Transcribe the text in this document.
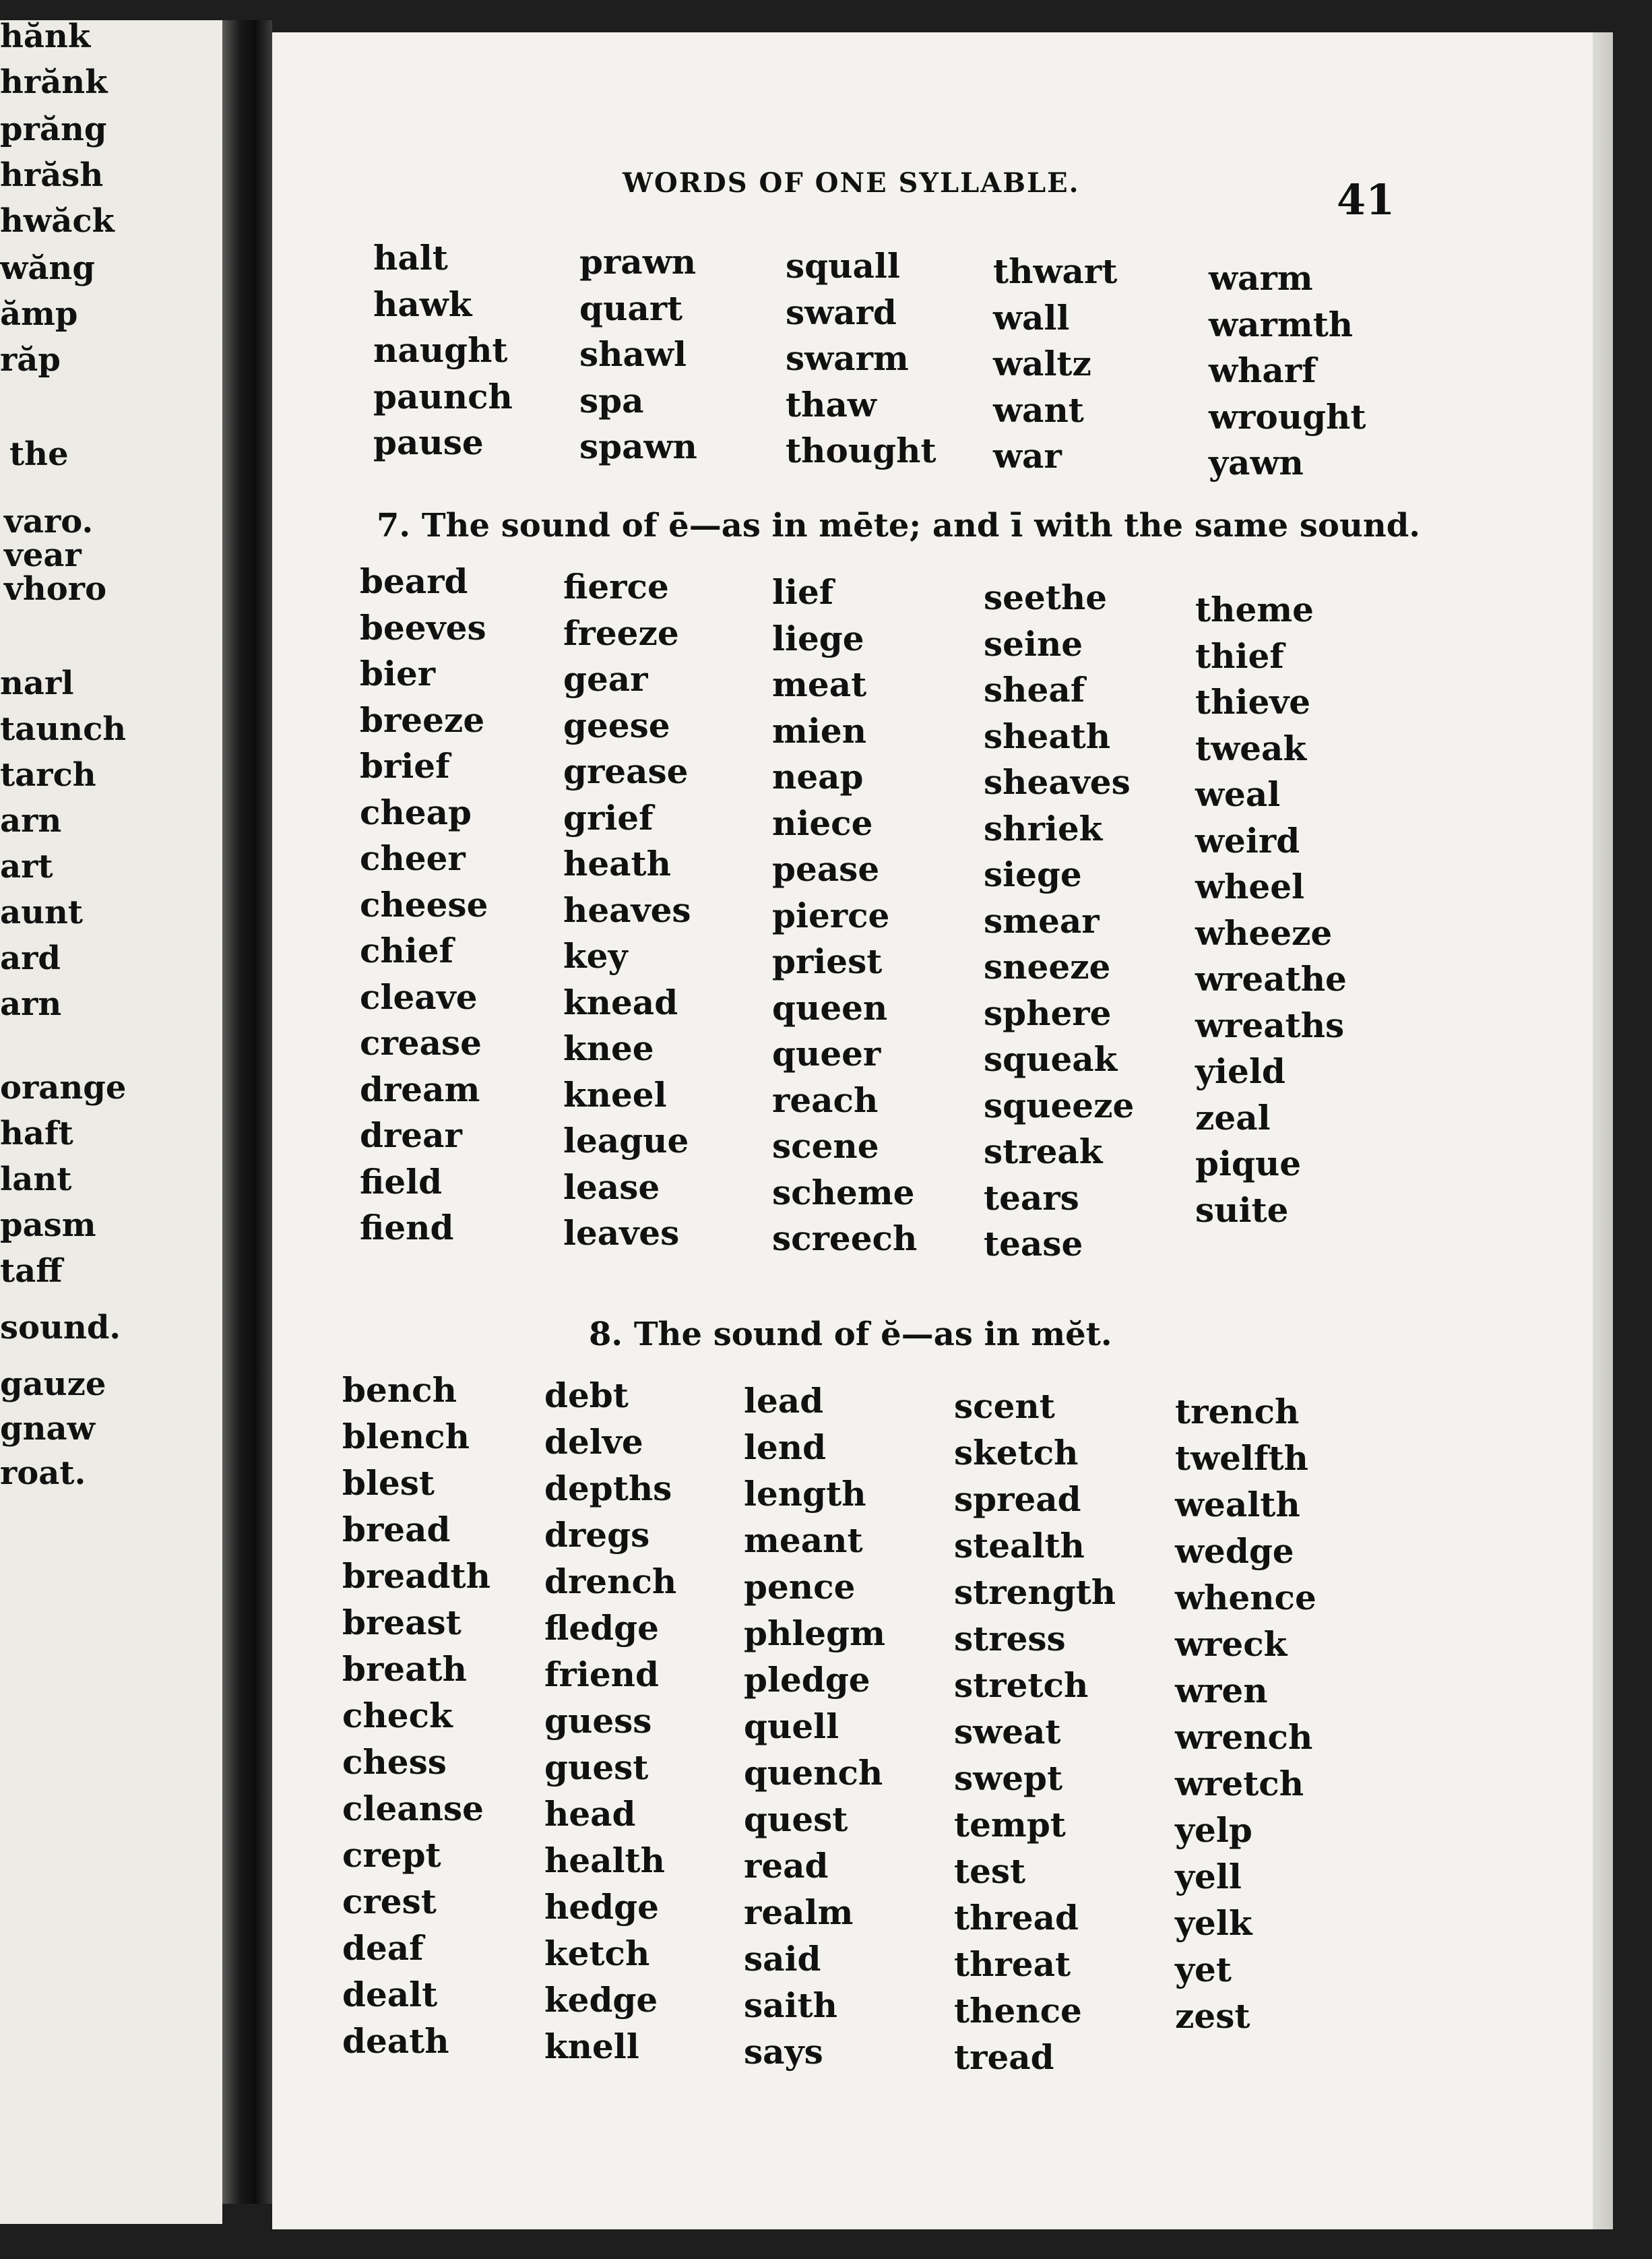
hănk
hrănk
prăng
hrăsh
hwăck
wăng
ămp
răp
the
varo.
vear
vhoro
narl
taunch
tarch
arn
art
aunt
ard
arn
orange
haft
lant
pasm
taff
sound.
gauze
gnaw
roat.
WORDS OF ONE SYLLABLE.	41
halt
hawk
naught
paunch
pause
prawn
quart
shawl
spa
spawn
squall
sward
swarm
thaw
thought
thwart
wall
waltz
want
war
warm
warmth
wharf
wrought
yawn
7. The sound of ē—as in mēte; and ī with the same sound.
beard
beeves
bier
breeze
brief
cheap
cheer
cheese
chief
cleave
crease
dream
drear
field
fiend
fierce
freeze
gear
geese
grease
grief
heath
heaves
key
knead
knee
kneel
league
lease
leaves
lief
liege
meat
mien
neap
niece
pease
pierce
priest
queen
queer
reach
scene
scheme
screech
seethe
seine
sheaf
sheath
sheaves
shriek
siege
smear
sneeze
sphere
squeak
squeeze
streak
tears
tease
theme
thief
thieve
tweak
weal
weird
wheel
wheeze
wreathe
wreaths
yield
zeal
pique
suite
8. The sound of ĕ—as in mĕt.
bench
blench
blest
bread
breadth
breast
breath
check
chess
cleanse
crept
crest
deaf
dealt
death
debt
delve
depths
dregs
drench
fledge
friend
guess
guest
head
health
hedge
ketch
kedge
knell
lead
lend
length
meant
pence
phlegm
pledge
quell
quench
quest
read
realm
said
saith
says
scent
sketch
spread
stealth
strength
stress
stretch
sweat
swept
tempt
test
thread
threat
thence
tread
trench
twelfth
wealth
wedge
whence
wreck
wren
wrench
wretch
yelp
yell
yelk
yet
zest
